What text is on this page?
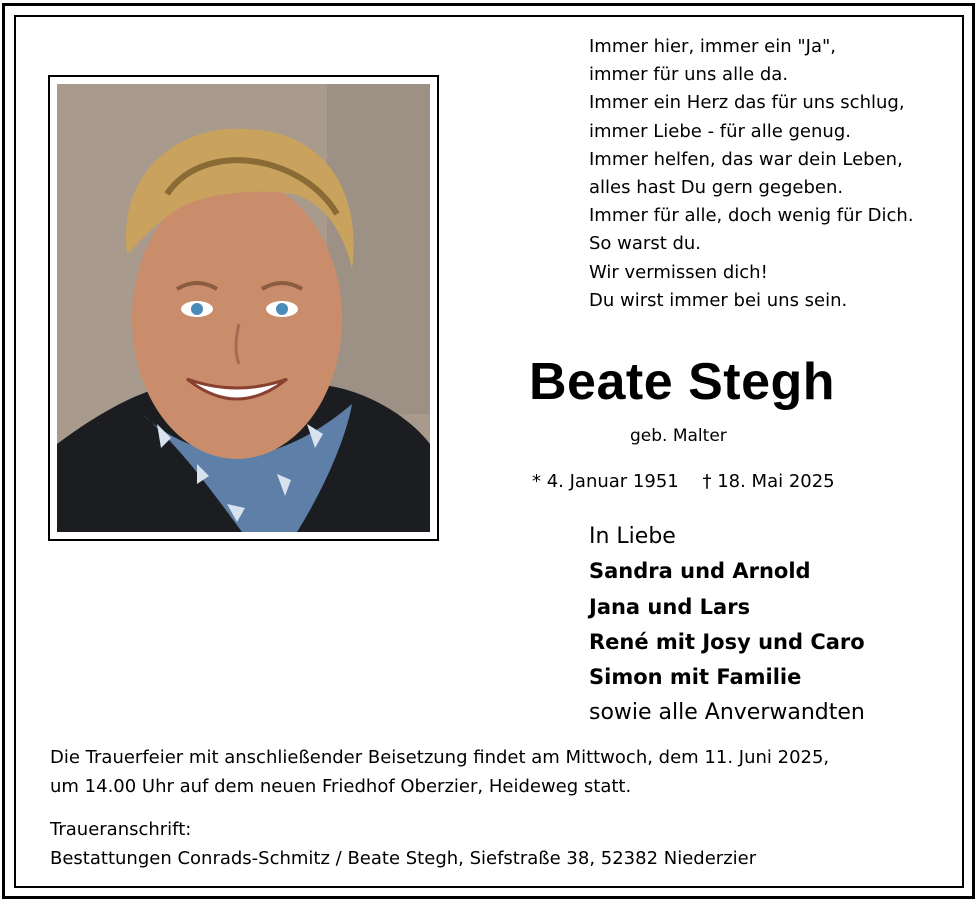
Immer hier, immer ein "Ja",
immer für uns alle da.
Immer ein Herz das für uns schlug,
immer Liebe - für alle genug.
Immer helfen, das war dein Leben,
alles hast Du gern gegeben.
Immer für alle, doch wenig für Dich.
So warst du.
Wir vermissen dich!
Du wirst immer bei uns sein.
Beate Stegh
geb. Malter
* 4. Januar 1951 † 18. Mai 2025
In Liebe
Sandra und Arnold
Jana und Lars
René mit Josy und Caro
Simon mit Familie
sowie alle Anverwandten
Die Trauerfeier mit anschließender Beisetzung findet am Mittwoch, dem 11. Juni 2025,
um 14.00 Uhr auf dem neuen Friedhof Oberzier, Heideweg statt.
Traueranschrift:
Bestattungen Conrads-Schmitz / Beate Stegh, Siefstraße 38, 52382 Niederzier
